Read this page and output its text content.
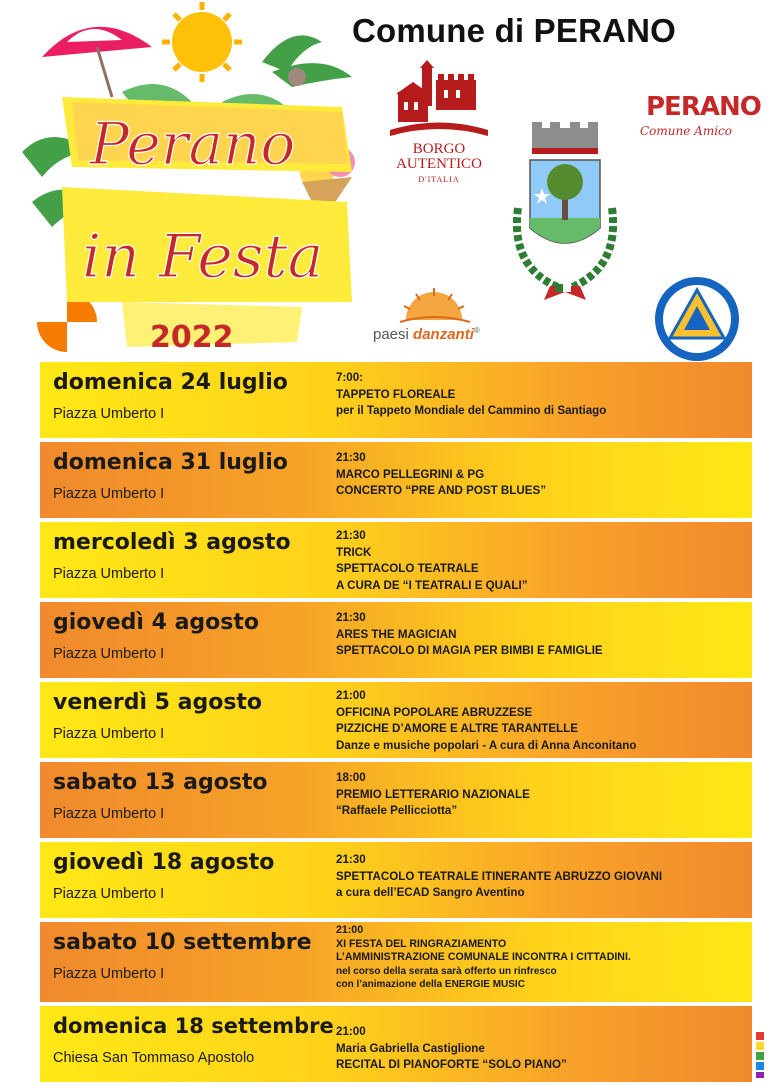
Comune di PERANO
Perano
in Festa
2022
BORGO AUTENTICO
D'ITALIA
PERANO
Comune Amico
paesi danzanti®
domenica 24 luglio
Piazza Umberto I
7:00:
TAPPETO FLOREALE
per il Tappeto Mondiale del Cammino di Santiago
domenica 31 luglio
Piazza Umberto I
21:30
MARCO PELLEGRINI & PG
CONCERTO “PRE AND POST BLUES”
mercoledì 3 agosto
Piazza Umberto I
21:30
TRICK
SPETTACOLO TEATRALE
A CURA DE “I TEATRALI E QUALI”
giovedì 4 agosto
Piazza Umberto I
21:30
ARES THE MAGICIAN
SPETTACOLO DI MAGIA PER BIMBI E FAMIGLIE
venerdì 5 agosto
Piazza Umberto I
21:00
OFFICINA POPOLARE ABRUZZESE
PIZZICHE D’AMORE E ALTRE TARANTELLE
Danze e musiche popolari - A cura di Anna Anconitano
sabato 13 agosto
Piazza Umberto I
18:00
PREMIO LETTERARIO NAZIONALE
“Raffaele Pellicciotta”
giovedì 18 agosto
Piazza Umberto I
21:30
SPETTACOLO TEATRALE ITINERANTE ABRUZZO GIOVANI
a cura dell’ECAD Sangro Aventino
sabato 10 settembre
Piazza Umberto I
21:00
XI FESTA DEL RINGRAZIAMENTO
L’AMMINISTRAZIONE COMUNALE INCONTRA I CITTADINI.
nel corso della serata sarà offerto un rinfresco
con l’animazione della ENERGIE MUSIC
domenica 18 settembre
Chiesa San Tommaso Apostolo
21:00
Maria Gabriella Castiglione
RECITAL DI PIANOFORTE “SOLO PIANO”
